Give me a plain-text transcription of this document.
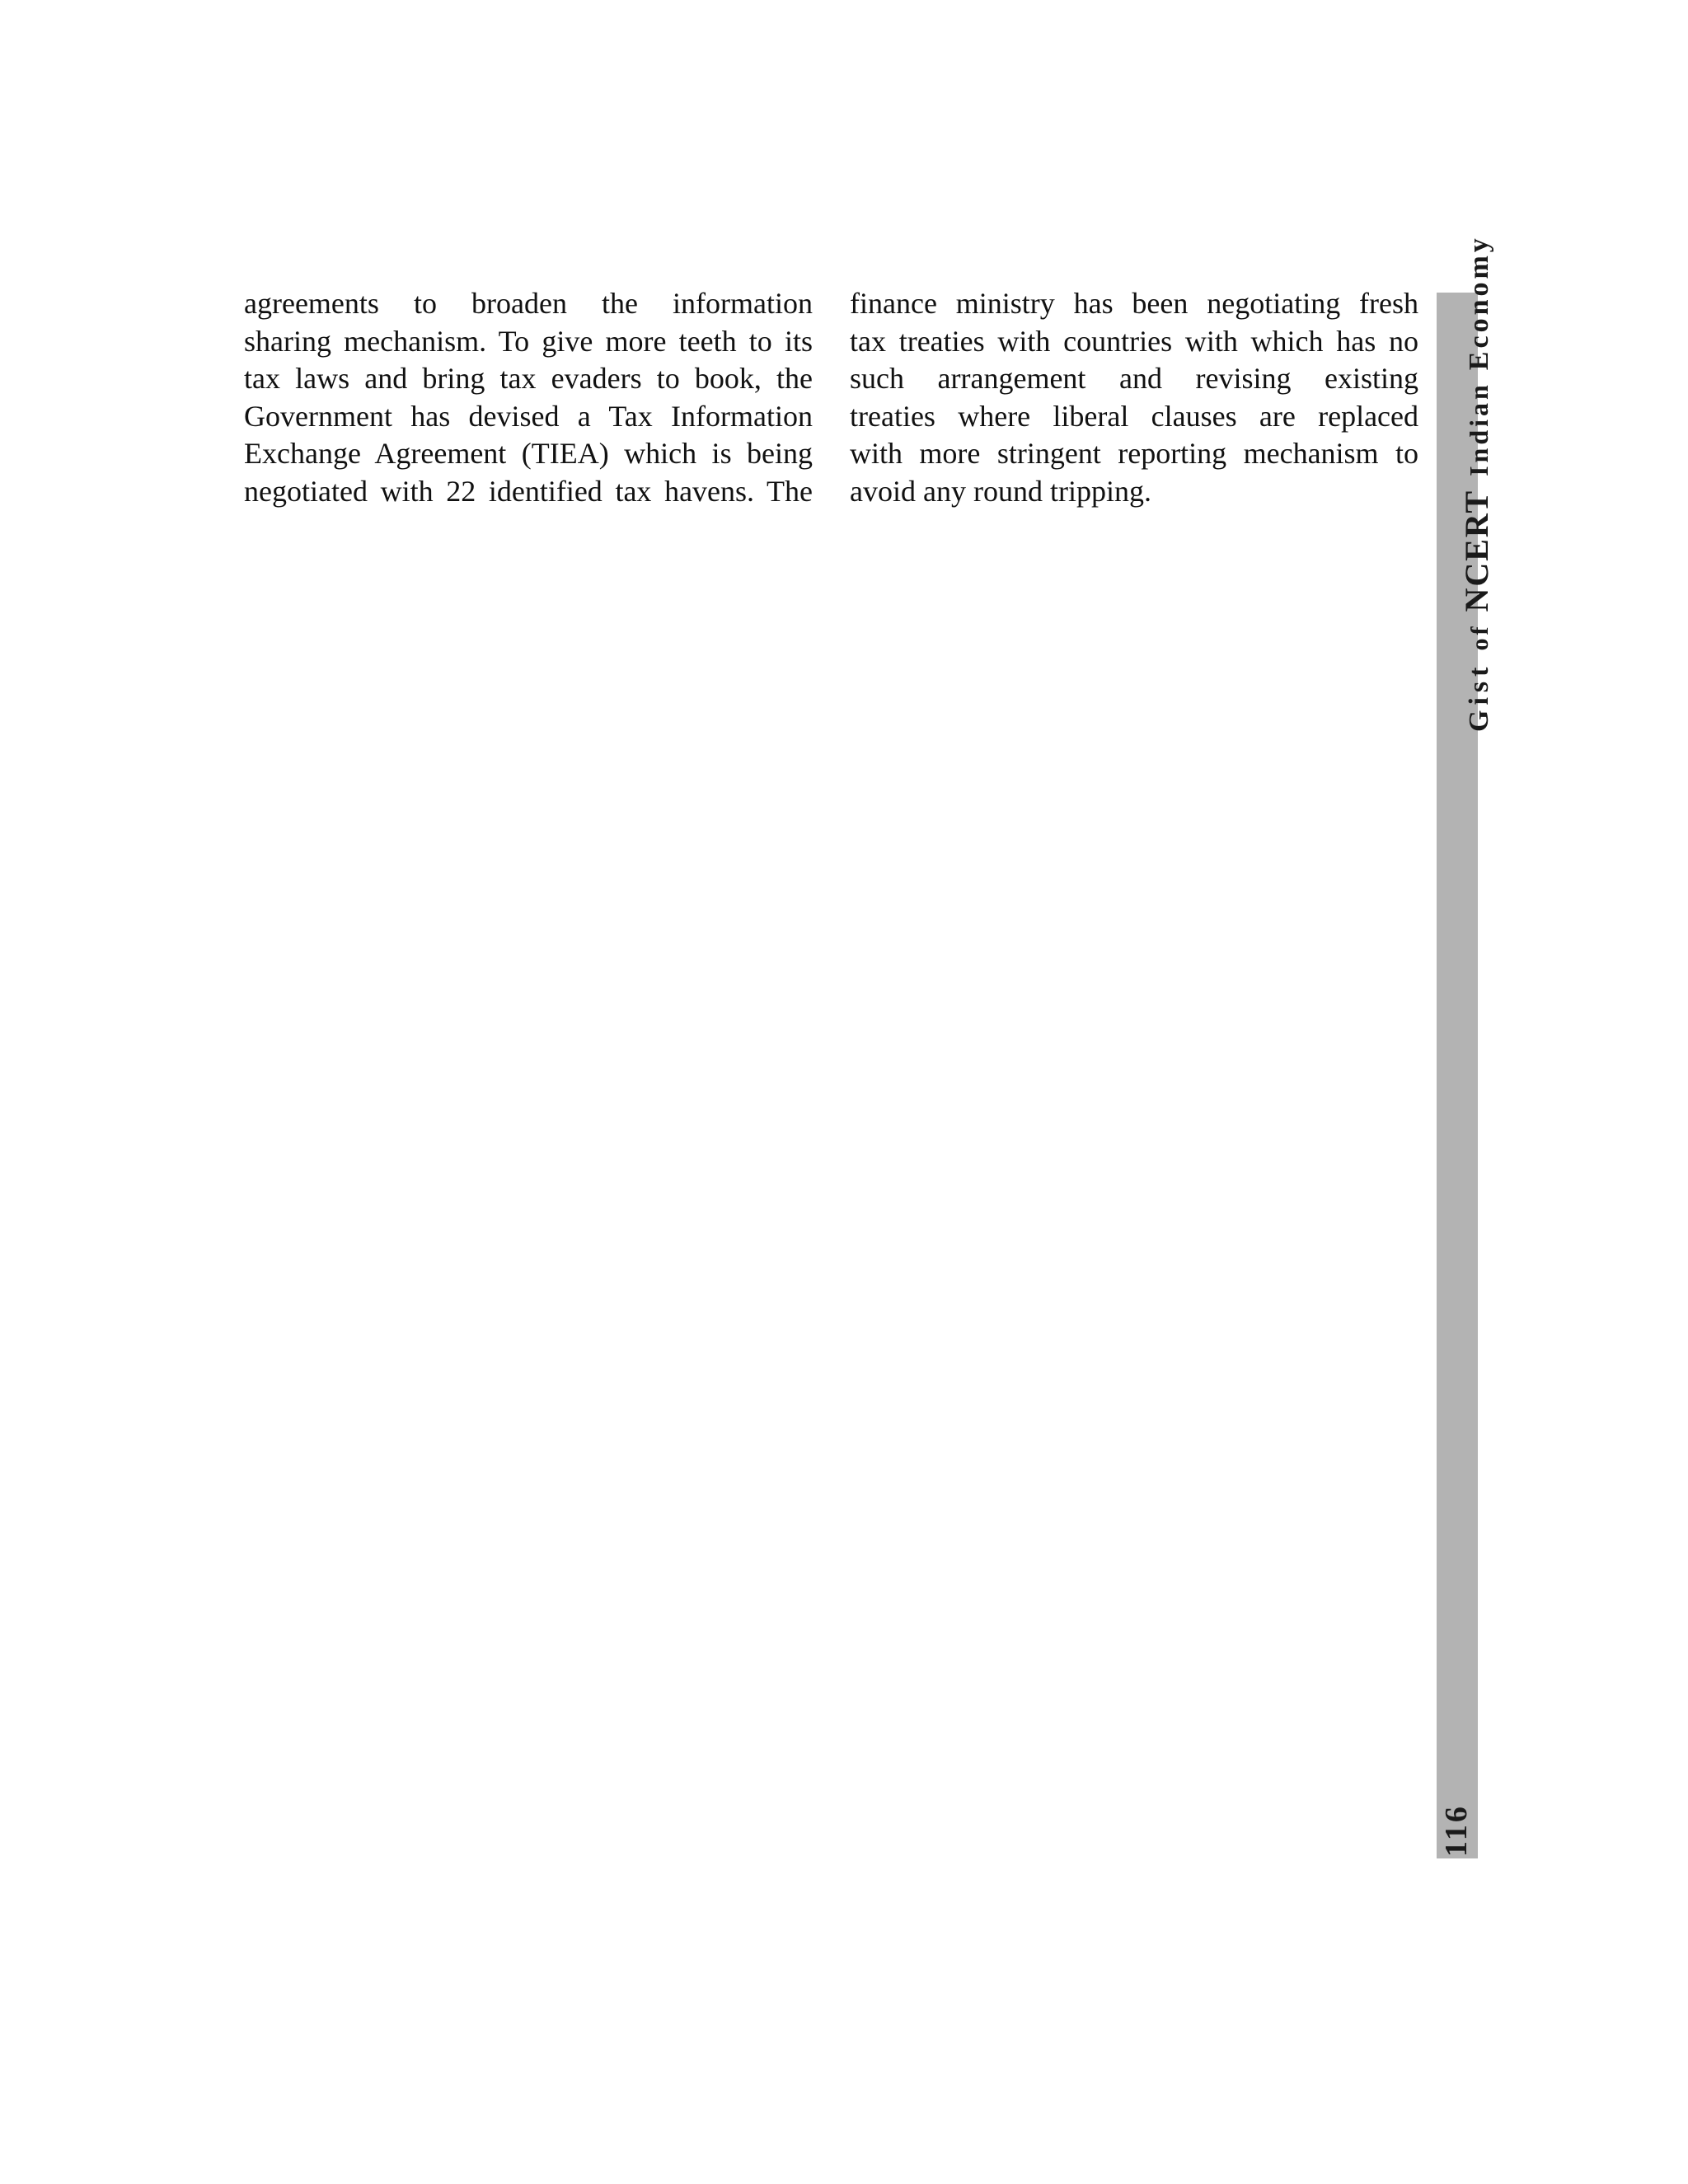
agreements to broaden the information
sharing mechanism. To give more teeth to its
tax laws and bring tax evaders to book, the
Government has devised a Tax Information
Exchange Agreement (TIEA) which is being
negotiated with 22 identified tax havens. The
finance ministry has been negotiating fresh
tax treaties with countries with which has no
such arrangement and revising existing
treaties where liberal clauses are replaced
with more stringent reporting mechanism to
avoid any round tripping.
Gist
of
NCERT
Indian
Economy
116
